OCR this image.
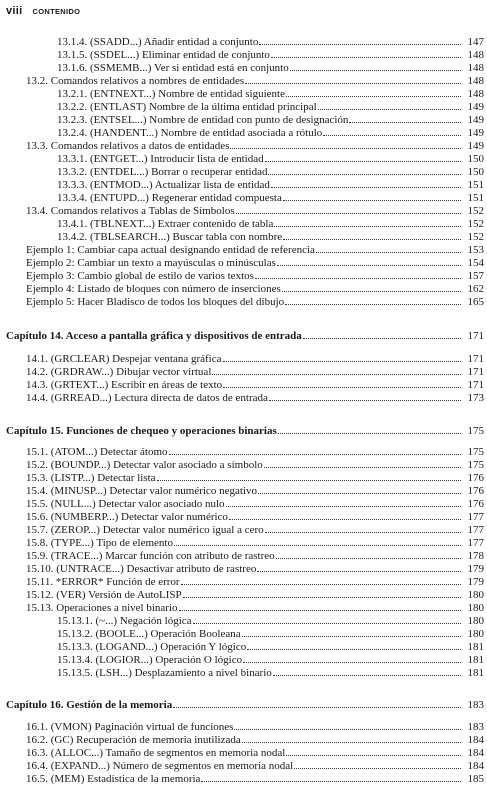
viii CONTENIDO
13.1.4. (SSADD...) Añadir entidad a conjunto	147
13.1.5. (SSDEL...) Eliminar entidad de conjunto	148
13.1.6. (SSMEMB...) Ver si entidad está en conjunto	148
13.2. Comandos relativos a nombres de entidades	148
13.2.1. (ENTNEXT...) Nombre de entidad siguiente	148
13.2.2. (ENTLAST) Nombre de la última entidad principal	149
13.2.3. (ENTSEL...) Nombre de entidad con punto de designación	149
13.2.4. (HANDENT...) Nombre de entidad asociada a rótulo	149
13.3. Comandos relativos a datos de entidades	149
13.3.1. (ENTGET...) Introducir lista de entidad	150
13.3.2. (ENTDEL...) Borrar o recuperar entidad	150
13.3.3. (ENTMOD...) Actualizar lista de entidad	151
13.3.4. (ENTUPD...) Regenerar entidad compuesta	151
13.4. Comandos relativos a Tablas de Símbolos	152
13.4.1. (TBLNEXT...) Extraer contenido de tabla	152
13.4.2. (TBLSEARCH...) Buscar tabla con nombre	152
Ejemplo 1: Cambiar capa actual designando entidad de referencia	153
Ejemplo 2: Cambiar un texto a mayúsculas o minúsculas	154
Ejemplo 3: Cambio global de estilo de varios textos	157
Ejemplo 4: Listado de bloques con número de inserciones	162
Ejemplo 5: Hacer Bladisco de todos los bloques del dibujo	165
Capítulo 14. Acceso a pantalla gráfica y dispositivos de entrada	171
14.1. (GRCLEAR) Despejar ventana gráfica	171
14.2. (GRDRAW...) Dibujar vector virtual	171
14.3. (GRTEXT...) Escribir en áreas de texto	171
14.4. (GRREAD...) Lectura directa de datos de entrada	173
Capítulo 15. Funciones de chequeo y operaciones binarias	175
15.1. (ATOM...) Detectar átomo	175
15.2. (BOUNDP...) Detectar valor asociado a símbolo	175
15.3. (LISTP...) Detectar lista	176
15.4. (MINUSP...) Detectar valor numérico negativo	176
15.5. (NULL...) Detectar valor asociado nulo	176
15.6. (NUMBERP...) Detectar valor numérico	177
15.7. (ZEROP...) Detectar valor numérico igual a cero	177
15.8. (TYPE...) Tipo de elemento	177
15.9. (TRACE...) Marcar función con atributo de rastreo	178
15.10. (UNTRACE...) Desactivar atributo de rastreo	179
15.11. *ERROR* Función de error	179
15.12. (VER) Versión de AutoLISP	180
15.13. Operaciones a nivel binario	180
15.13.1. (~...) Negación lógica	180
15.13.2. (BOOLE...) Operación Booleana	180
15.13.3. (LOGAND...) Operación Y lógico	181
15.13.4. (LOGIOR...) Operación O lógico	181
15.13.5. (LSH...) Desplazamiento a nivel binario	181
Capítulo 16. Gestión de la memoria	183
16.1. (VMON) Paginación virtual de funciones	183
16.2. (GC) Recuperación de memoria inutilizada	184
16.3. (ALLOC...) Tamaño de segmentos en memoria nodal	184
16.4. (EXPAND...) Número de segmentos en memoria nodal	184
16.5. (MEM) Estadística de la memoria	185
